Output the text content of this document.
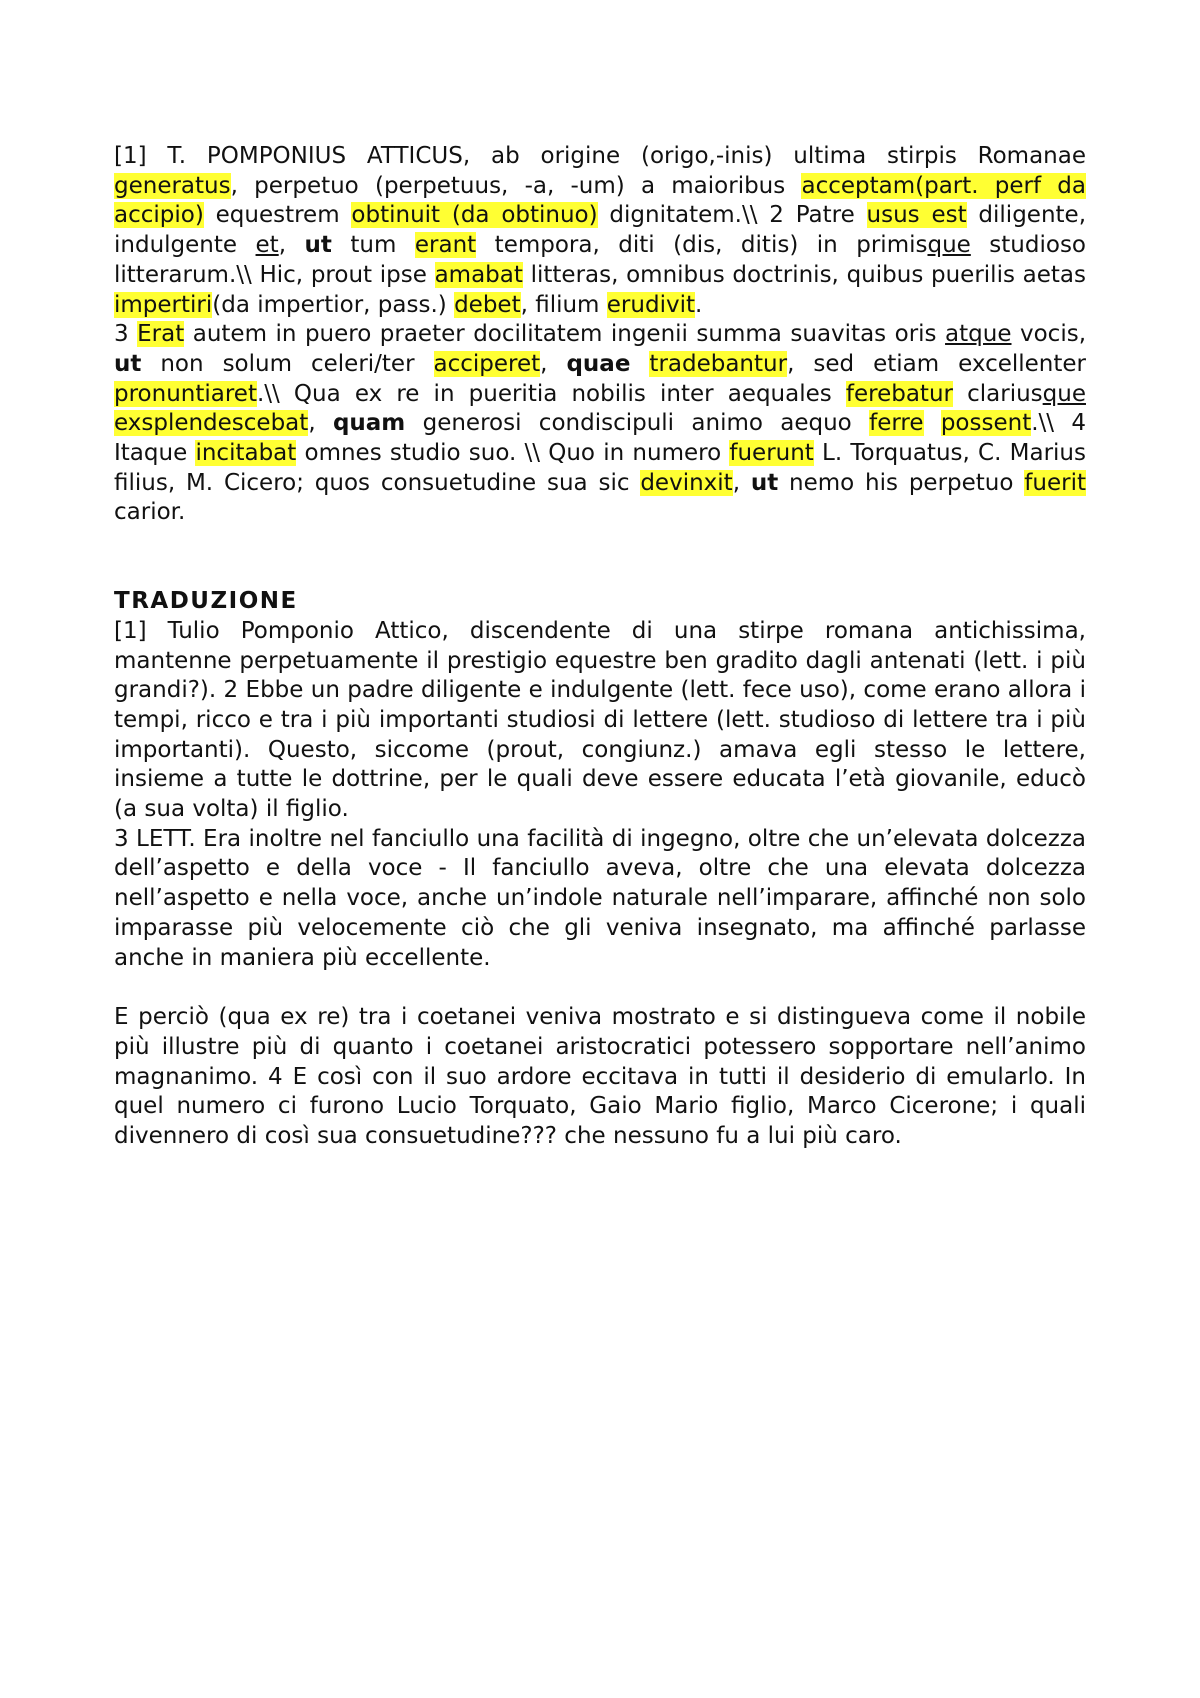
[1] T. POMPONIUS ATTICUS, ab origine (origo,-inis) ultima stirpis Romanae generatus, perpetuo (perpetuus, -a, -um) a maioribus acceptam(part. perf da accipio) equestrem obtinuit (da obtinuo) dignitatem.\\ 2 Patre usus est diligente, indulgente et, ut tum erant tempora, diti (dis, ditis) in primisque studioso litterarum.\\ Hic, prout ipse amabat litteras, omnibus doctrinis, quibus puerilis aetas impertiri(da impertior, pass.) debet, filium erudivit.

3 Erat autem in puero praeter docilitatem ingenii summa suavitas oris atque vocis, ut non solum celeri/ter acciperet, quae tradebantur, sed etiam excellenter pronuntiaret.\\ Qua ex re in pueritia nobilis inter aequales ferebatur clariusque exsplendescebat, quam generosi condiscipuli animo aequo ferre possent.\\ 4 Itaque incitabat omnes studio suo. \\ Quo in numero fuerunt L. Torquatus, C. Marius filius, M. Cicero; quos consuetudine sua sic devinxit, ut nemo his perpetuo fuerit carior.

TRADUZIONE

[1] Tulio Pomponio Attico, discendente di una stirpe romana antichissima, mantenne perpetuamente il prestigio equestre ben gradito dagli antenati (lett. i più grandi?). 2 Ebbe un padre diligente e indulgente (lett. fece uso), come erano allora i tempi, ricco e tra i più importanti studiosi di lettere (lett. studioso di lettere tra i più importanti). Questo, siccome (prout, congiunz.) amava egli stesso le lettere, insieme a tutte le dottrine, per le quali deve essere educata l’età giovanile, educò (a sua volta) il figlio.

3 LETT. Era inoltre nel fanciullo una facilità di ingegno, oltre che un’elevata dolcezza dell’aspetto e della voce - Il fanciullo aveva, oltre che una elevata dolcezza nell’aspetto e nella voce, anche un’indole naturale nell’imparare, affinché non solo imparasse più velocemente ciò che gli veniva insegnato, ma affinché parlasse anche in maniera più eccellente.

E perciò (qua ex re) tra i coetanei veniva mostrato e si distingueva come il nobile più illustre più di quanto i coetanei aristocratici potessero sopportare nell’animo magnanimo. 4 E così con il suo ardore eccitava in tutti il desiderio di emularlo. In quel numero ci furono Lucio Torquato, Gaio Mario figlio, Marco Cicerone; i quali divennero di così sua consuetudine??? che nessuno fu a lui più caro.
